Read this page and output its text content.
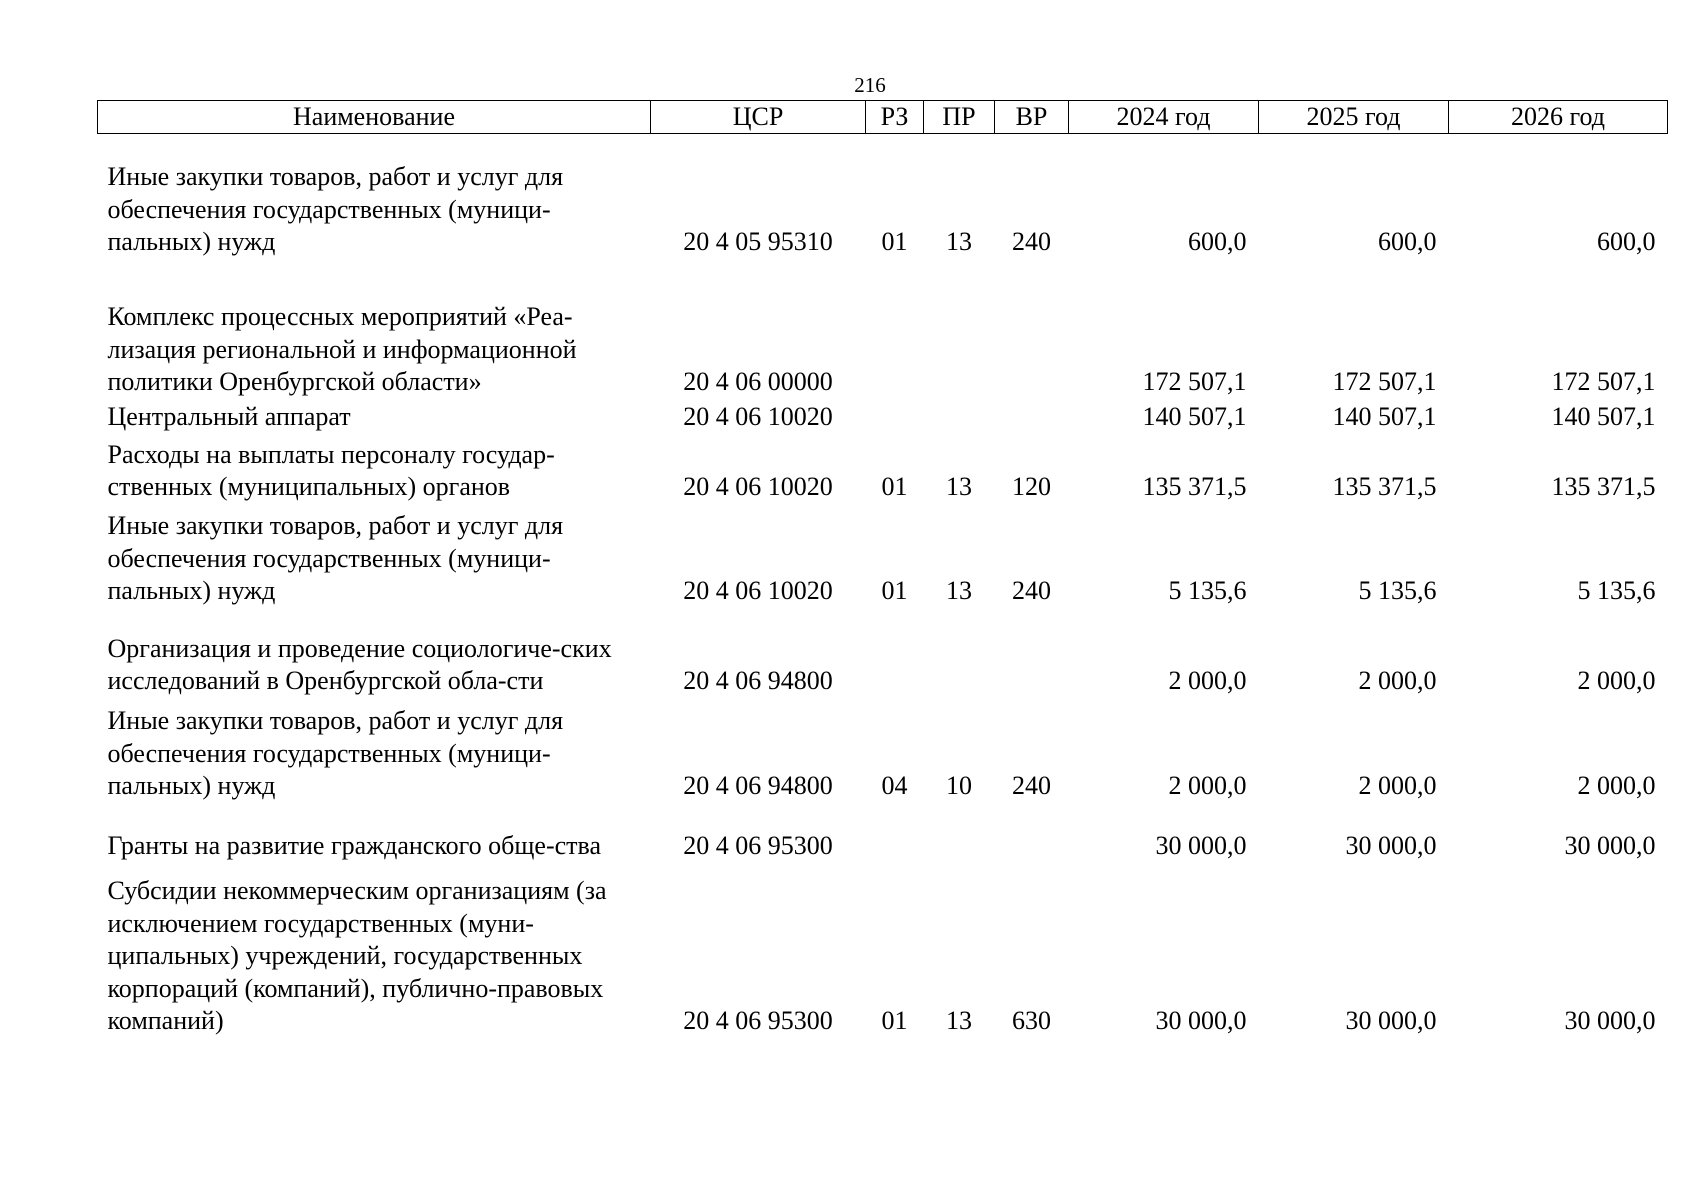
216
Наименование	ЦСР	РЗ	ПР	ВР	2024 год	2025 год	2026 год
Иные закупки товаров, работ и услуг для обеспечения государственных (муници-пальных) нужд	20 4 05 95310	01	13	240	600,0	600,0	600,0
Комплекс процессных мероприятий «Реа-лизация региональной и информационной политики Оренбургской области»	20 4 06 00000				172 507,1	172 507,1	172 507,1
Центральный аппарат	20 4 06 10020				140 507,1	140 507,1	140 507,1
Расходы на выплаты персоналу государ-ственных (муниципальных) органов	20 4 06 10020	01	13	120	135 371,5	135 371,5	135 371,5
Иные закупки товаров, работ и услуг для обеспечения государственных (муници-пальных) нужд	20 4 06 10020	01	13	240	5 135,6	5 135,6	5 135,6
Организация и проведение социологиче-ских исследований в Оренбургской обла-сти	20 4 06 94800				2 000,0	2 000,0	2 000,0
Иные закупки товаров, работ и услуг для обеспечения государственных (муници-пальных) нужд	20 4 06 94800	04	10	240	2 000,0	2 000,0	2 000,0
Гранты на развитие гражданского обще-ства	20 4 06 95300				30 000,0	30 000,0	30 000,0
Субсидии некоммерческим организациям (за исключением государственных (муни-ципальных) учреждений, государственных корпораций (компаний), публично-правовых компаний)	20 4 06 95300	01	13	630	30 000,0	30 000,0	30 000,0
